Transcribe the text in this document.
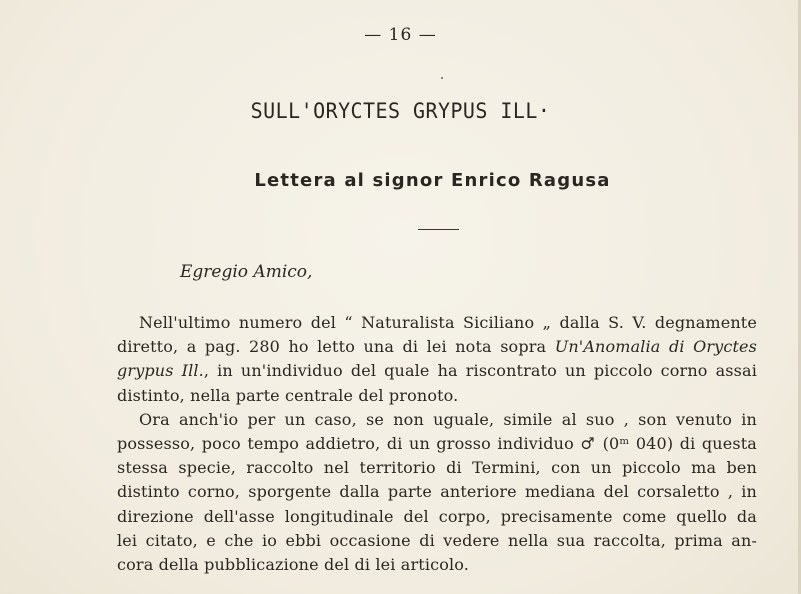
— 16 —
SULL'ORYCTES GRYPUS ILL·
Lettera al signor Enrico Ragusa
Egregio Amico,
Nell'ultimo numero del “ Naturalista Siciliano „ dalla S. V. degnamente
diretto, a pag. 280 ho letto una di lei nota sopra Un'Anomalia di Oryctes
grypus Ill., in un'individuo del quale ha riscontrato un piccolo corno assai
distinto, nella parte centrale del pronoto.
Ora anch'io per un caso, se non uguale, simile al suo , son venuto in
possesso, poco tempo addietro, di un grosso individuo ♂ (0ᵐ 040) di questa
stessa specie, raccolto nel territorio di Termini, con un piccolo ma ben
distinto corno, sporgente dalla parte anteriore mediana del corsaletto , in
direzione dell'asse longitudinale del corpo, precisamente come quello da
lei citato, e che io ebbi occasione di vedere nella sua raccolta, prima an-
cora della pubblicazione del di lei articolo.
